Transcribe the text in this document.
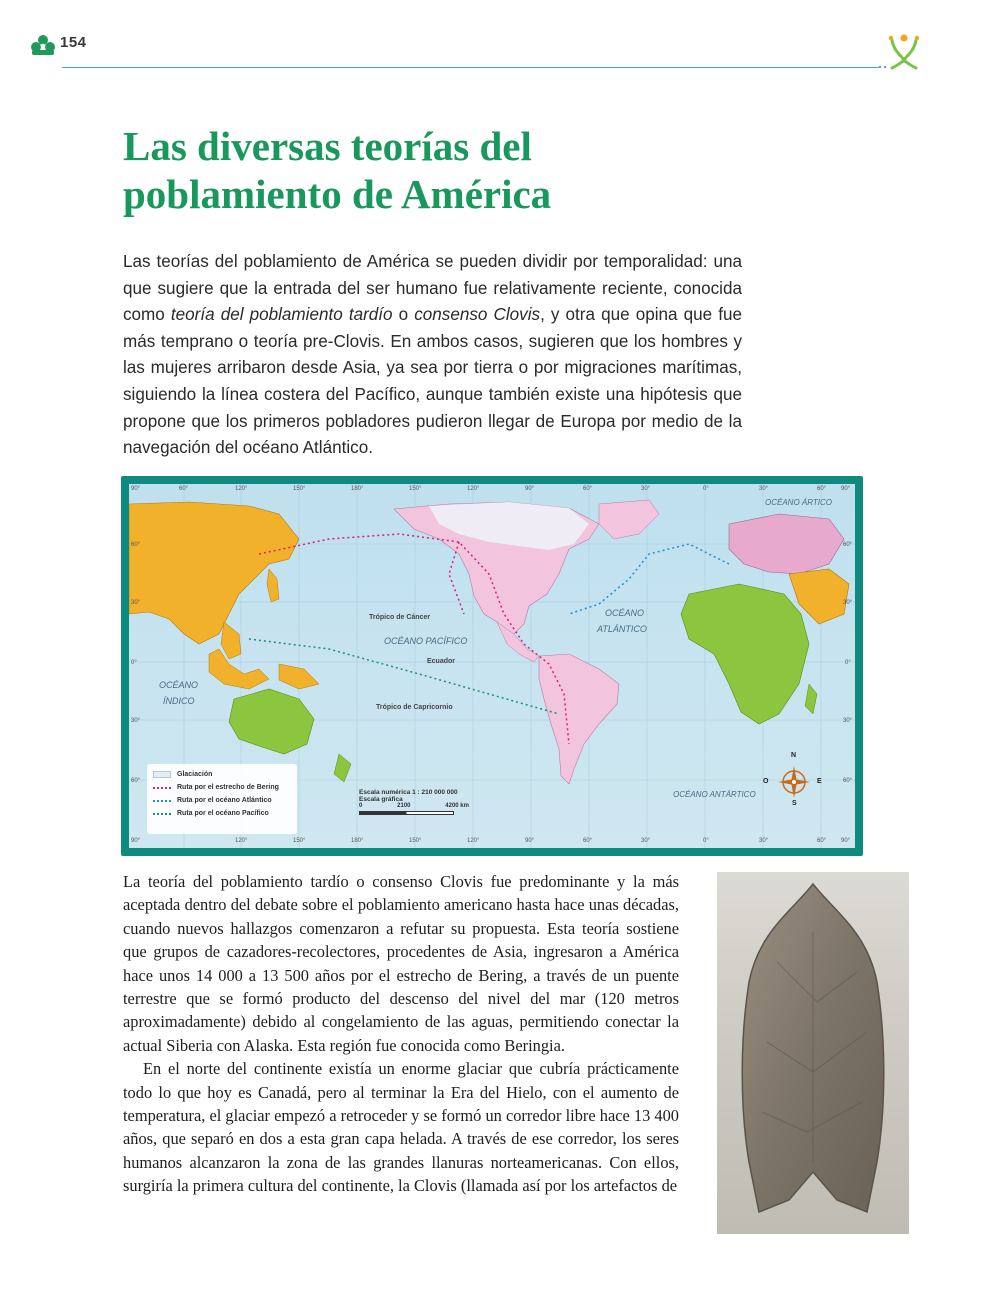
154
Las diversas teorías del
poblamiento de América

Las teorías del poblamiento de América se pueden dividir por temporalidad: una que sugiere que la entrada del ser humano fue relativamente reciente, conocida como teoría del poblamiento tardío o consenso Clovis, y otra que opina que fue más temprano o teoría pre-Clovis. En ambos casos, sugieren que los hombres y las mujeres arribaron desde Asia, ya sea por tierra o por migraciones marítimas, siguiendo la línea costera del Pacífico, aunque también existe una hipótesis que propone que los primeros pobladores pudieron llegar de Europa por medio de la navegación del océano Atlántico.

OCÉANO ÁRTICO
Trópico de Cáncer
OCÉANO PACÍFICO
Ecuador
Trópico de Capricornio
OCÉANO
ATLÁNTICO
OCÉANO
ÍNDICO
OCÉANO ANTÁRTICO
90°	60°	120°	150°	180°	150°	120°	90°	60°	30°	0°	30°	60° 90°
90°	120°	150°	180°	150°	120°	90°	60°	30°	0°	30°	60° 90°
60°
30°
0°
30°
60°
60°
30°
0°
30°
60°
Glaciación
Ruta por el estrecho de Bering
Ruta por el océano Atlántico
Ruta por el océano Pacífico
Escala numérica 1 : 210 000 000
Escala gráfica
0	2100	4200 km
N
S
O	E

La teoría del poblamiento tardío o consenso Clovis fue predominante y la más aceptada dentro del debate sobre el poblamiento americano hasta hace unas décadas, cuando nuevos hallazgos comenzaron a refutar su propuesta. Esta teoría sostiene que grupos de cazadores-recolectores, procedentes de Asia, ingresaron a América hace unos 14 000 a 13 500 años por el estrecho de Bering, a través de un puente terrestre que se formó producto del descenso del nivel del mar (120 metros aproximadamente) debido al congelamiento de las aguas, permitiendo conectar la actual Siberia con Alaska. Esta región fue conocida como Beringia.

En el norte del continente existía un enorme glaciar que cubría prácticamente todo lo que hoy es Canadá, pero al terminar la Era del Hielo, con el aumento de temperatura, el glaciar empezó a retroceder y se formó un corredor libre hace 13 400 años, que separó en dos a esta gran capa helada. A través de ese corredor, los seres humanos alcanzaron la zona de las grandes llanuras norteamericanas. Con ellos, surgiría la primera cultura del continente, la Clovis (llamada así por los artefactos de
